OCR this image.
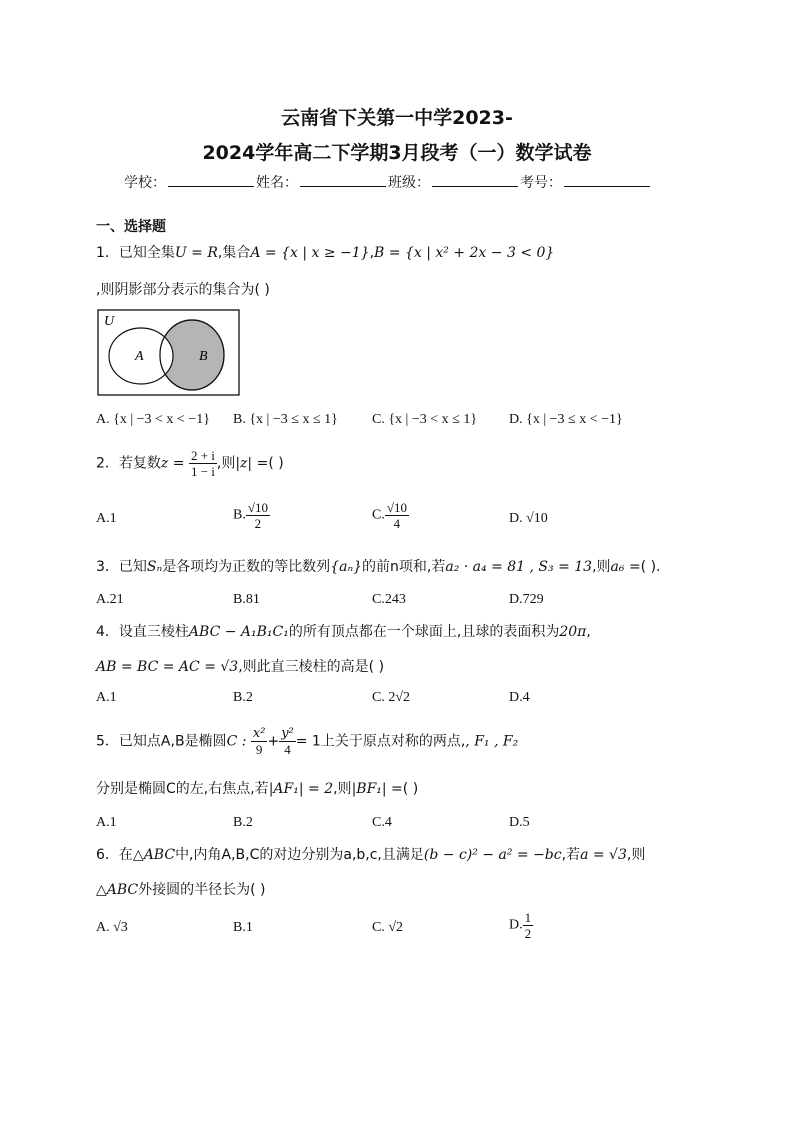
云南省下关第一中学2023-
2024学年高二下学期3月段考（一）数学试卷
学校：	姓名：	班级：	考号：
一、选择题
1．已知全集U = R,集合A = {x | x ≥ −1},B = {x | x² + 2x − 3 < 0}
,则阴影部分表示的集合为( )
U
A	B
A. {x | −3 < x < −1} B. {x | −3 ≤ x ≤ 1} C. {x | −3 < x ≤ 1} D. {x | −3 ≤ x < −1}
2．若复数$z = \frac{2 + i}{1 - i}$ ,则|z| =( )
A.1	B. $\frac{√10}{2}$	C. $\frac{√10}{4}$	D. √10
3．已知Sₙ是各项均为正数的等比数列{aₙ}的前n项和,若a₂ · a₄ = 81 , S₃ = 13,则a₆ =( ).
A.21	B.81	C.243	D.729
4．设直三棱柱ABC − A₁B₁C₁的所有顶点都在一个球面上,且球的表面积为20π,
AB = BC = AC = √3,则此直三棱柱的高是( )
A.1	B.2	C. 2√2	D.4
5．已知点A,B是椭圆C : $\frac{\text{x²}}{9} + \frac{\text{y²}}{4} = 1$上关于原点对称的两点,, F₁ , F₂
分别是椭圆C的左,右焦点,若|AF₁| = 2,则|BF₁| =( )
A.1	B.2	C.4	D.5
6．在△ABC中,内角A,B,C的对边分别为a,b,c,且满足(b − c)² − a² = −bc,若a = √3,则
△ABC外接圆的半径长为( )
A. √3	B.1	C. √2	D. $\frac{1}{2}$
